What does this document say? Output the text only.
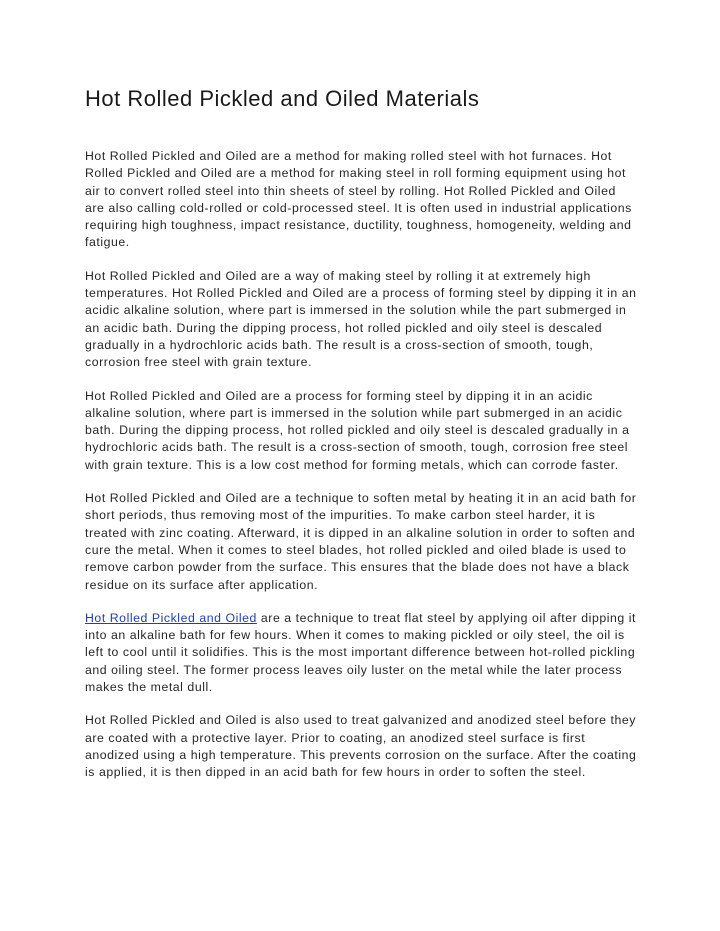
Hot Rolled Pickled and Oiled Materials

Hot Rolled Pickled and Oiled are a method for making rolled steel with hot furnaces. Hot Rolled Pickled and Oiled are a method for making steel in roll forming equipment using hot air to convert rolled steel into thin sheets of steel by rolling. Hot Rolled Pickled and Oiled are also calling cold-rolled or cold-processed steel. It is often used in industrial applications requiring high toughness, impact resistance, ductility, toughness, homogeneity, welding and fatigue.

Hot Rolled Pickled and Oiled are a way of making steel by rolling it at extremely high temperatures. Hot Rolled Pickled and Oiled are a process of forming steel by dipping it in an acidic alkaline solution, where part is immersed in the solution while the part submerged in an acidic bath. During the dipping process, hot rolled pickled and oily steel is descaled gradually in a hydrochloric acids bath. The result is a cross-section of smooth, tough, corrosion free steel with grain texture.

Hot Rolled Pickled and Oiled are a process for forming steel by dipping it in an acidic alkaline solution, where part is immersed in the solution while part submerged in an acidic bath. During the dipping process, hot rolled pickled and oily steel is descaled gradually in a hydrochloric acids bath. The result is a cross-section of smooth, tough, corrosion free steel with grain texture. This is a low cost method for forming metals, which can corrode faster.

Hot Rolled Pickled and Oiled are a technique to soften metal by heating it in an acid bath for short periods, thus removing most of the impurities. To make carbon steel harder, it is treated with zinc coating. Afterward, it is dipped in an alkaline solution in order to soften and cure the metal. When it comes to steel blades, hot rolled pickled and oiled blade is used to remove carbon powder from the surface. This ensures that the blade does not have a black residue on its surface after application.

Hot Rolled Pickled and Oiled are a technique to treat flat steel by applying oil after dipping it into an alkaline bath for few hours. When it comes to making pickled or oily steel, the oil is left to cool until it solidifies. This is the most important difference between hot-rolled pickling and oiling steel. The former process leaves oily luster on the metal while the later process makes the metal dull.

Hot Rolled Pickled and Oiled is also used to treat galvanized and anodized steel before they are coated with a protective layer. Prior to coating, an anodized steel surface is first anodized using a high temperature. This prevents corrosion on the surface. After the coating is applied, it is then dipped in an acid bath for few hours in order to soften the steel.
